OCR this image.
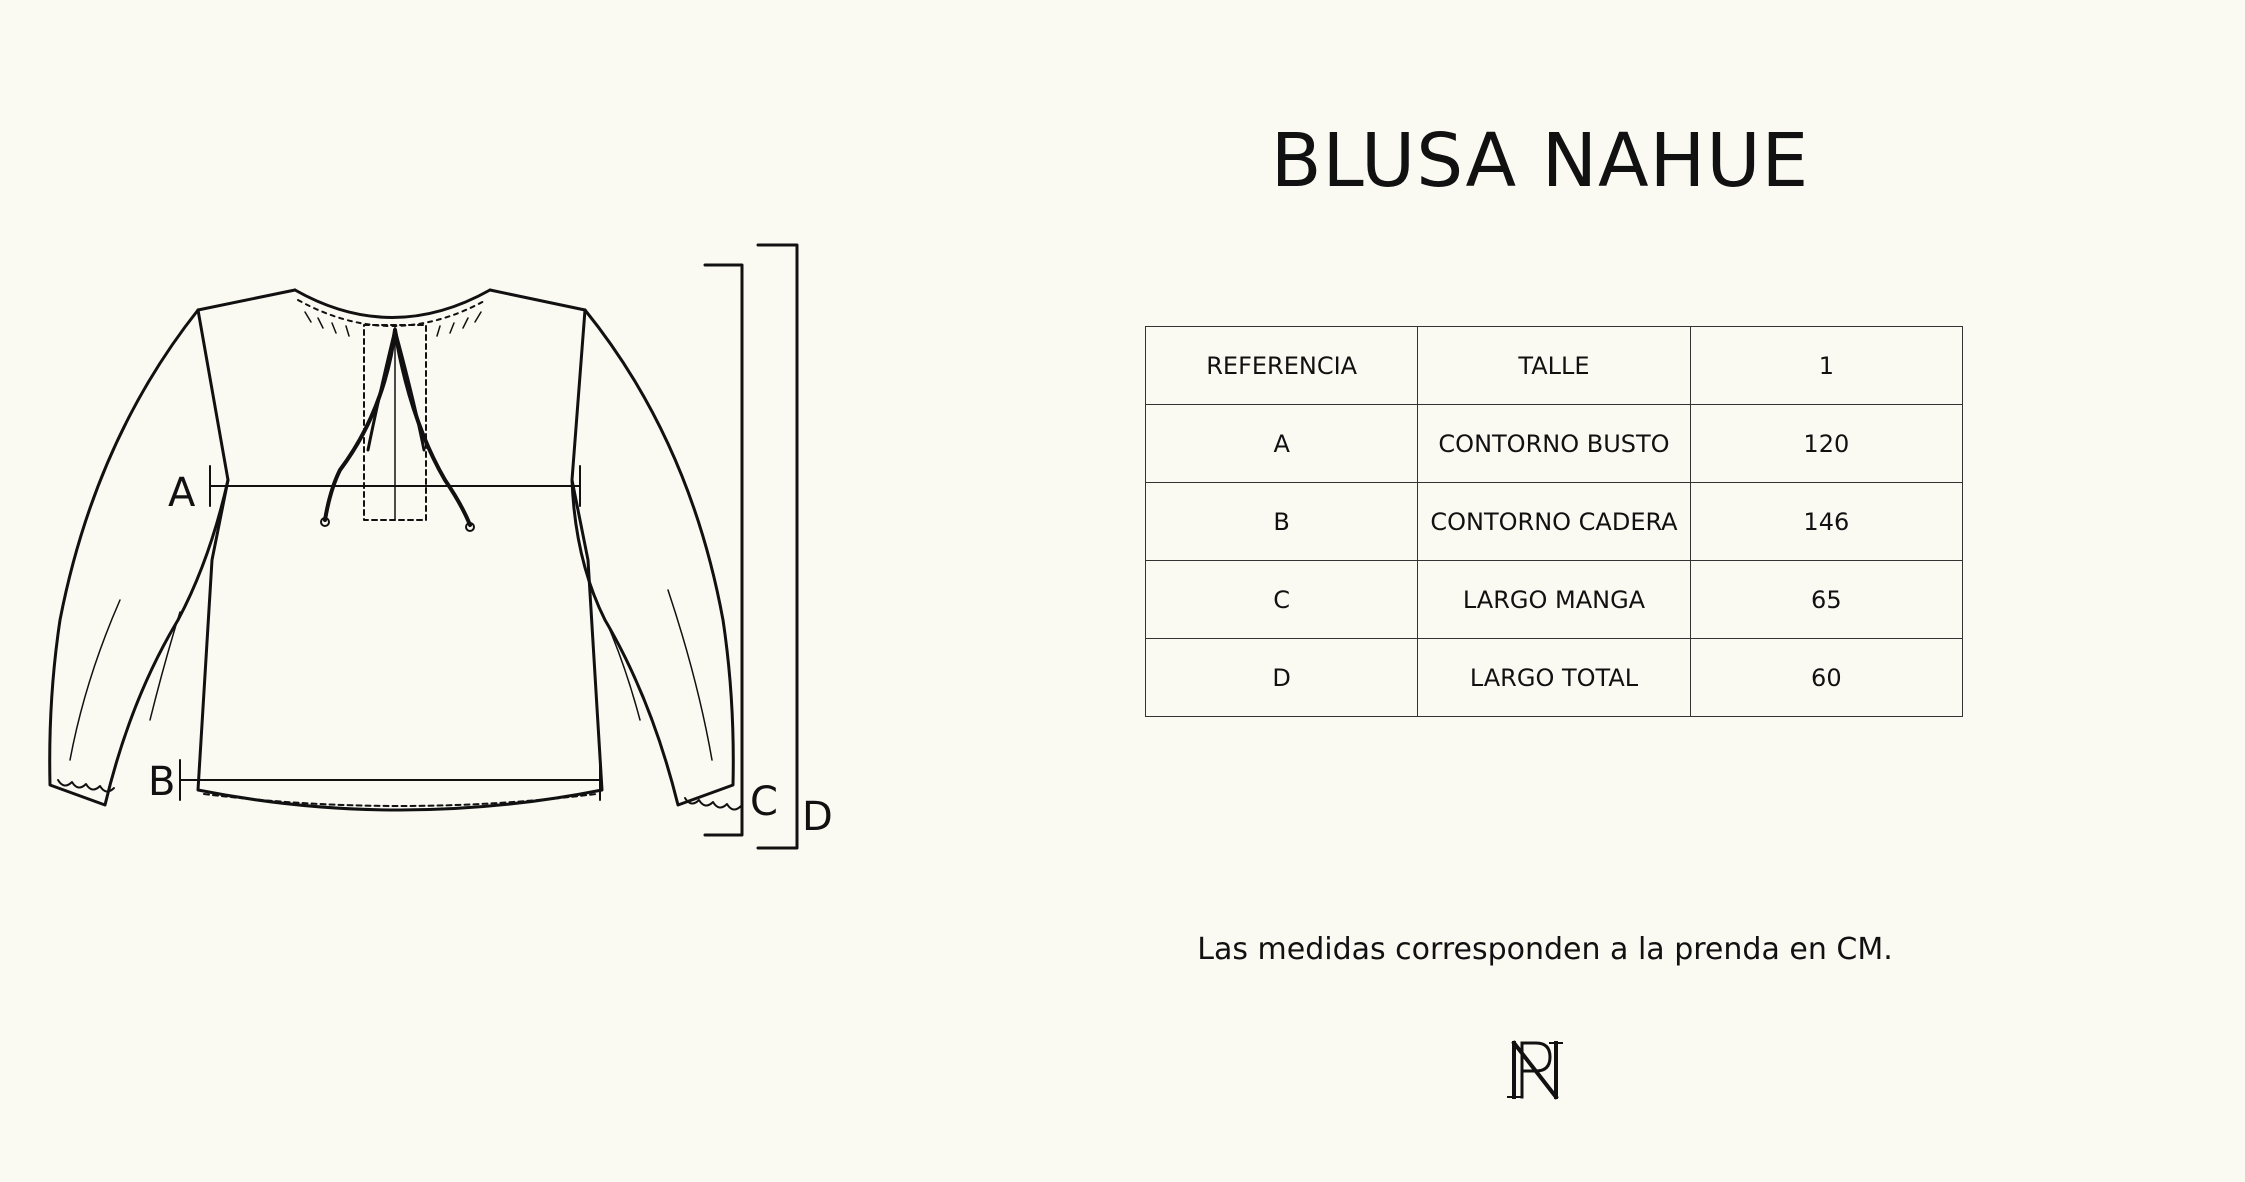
A
B	C D
BLUSA NAHUE
REFERENCIA	TALLE	1
A	CONTORNO BUSTO	120
B	CONTORNO CADERA	146
C	LARGO MANGA	65
D	LARGO TOTAL	60
Las medidas corresponden a la prenda en CM.
